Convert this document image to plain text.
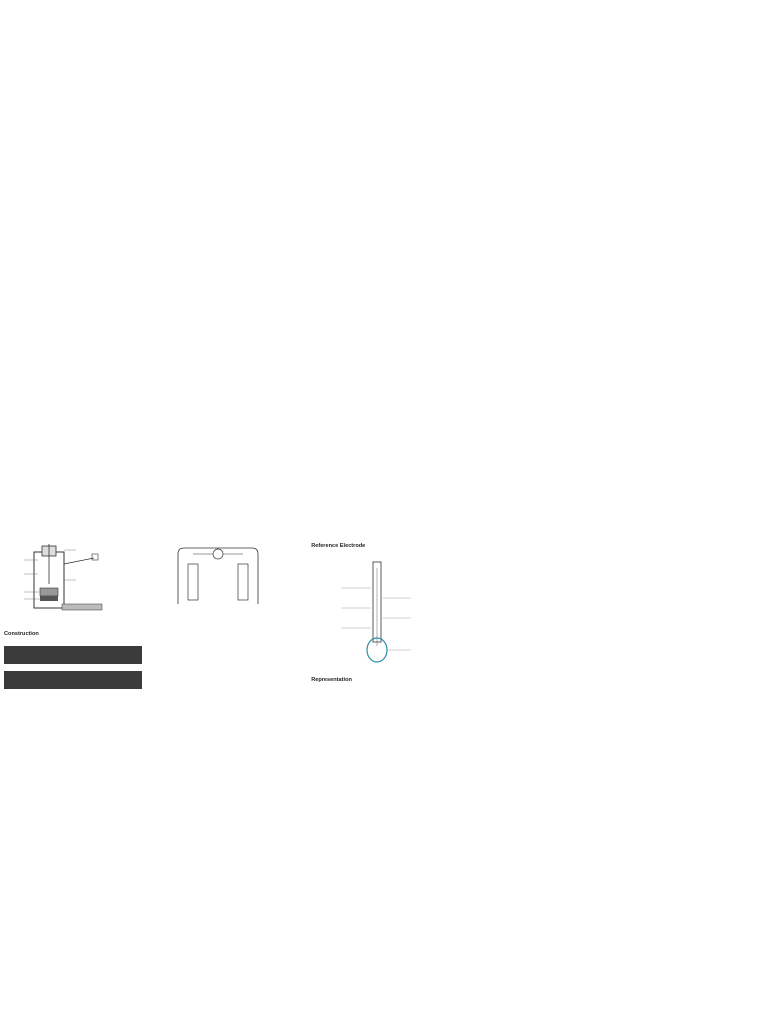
Construction
Reference Electrode
Representation
